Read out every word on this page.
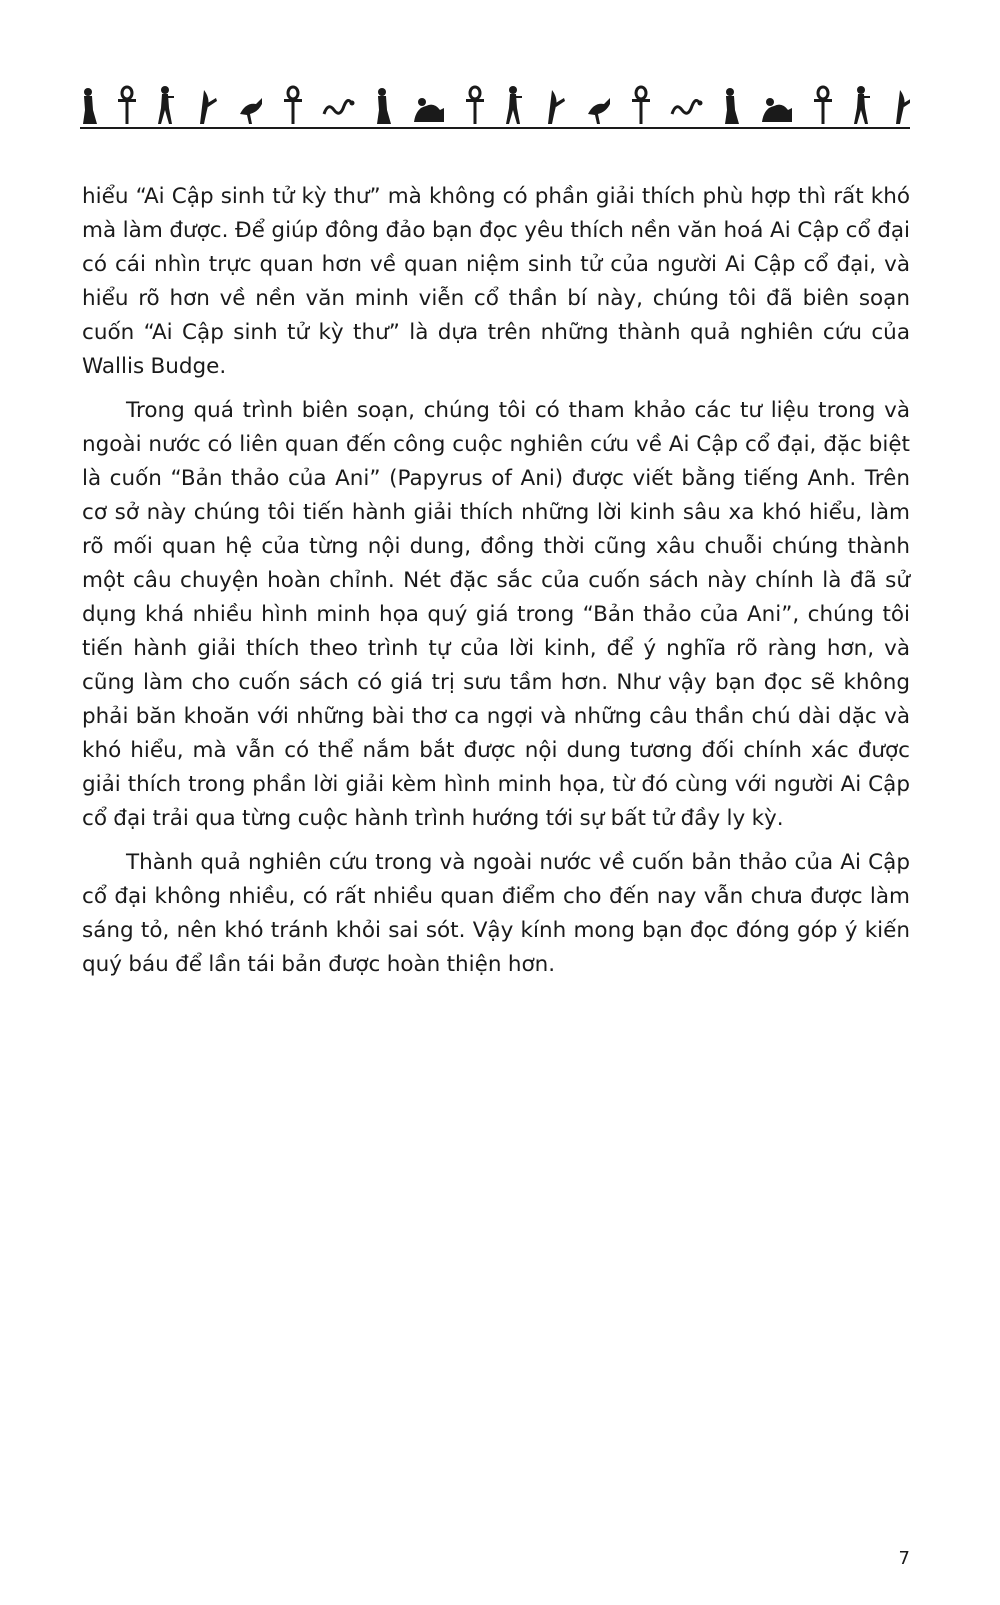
hiểu “Ai Cập sinh tử kỳ thư” mà không có phần giải thích phù hợp thì rất khó mà làm được. Để giúp đông đảo bạn đọc yêu thích nền văn hoá Ai Cập cổ đại có cái nhìn trực quan hơn về quan niệm sinh tử của người Ai Cập cổ đại, và hiểu rõ hơn về nền văn minh viễn cổ thần bí này, chúng tôi đã biên soạn cuốn “Ai Cập sinh tử kỳ thư” là dựa trên những thành quả nghiên cứu của Wallis Budge.

Trong quá trình biên soạn, chúng tôi có tham khảo các tư liệu trong và ngoài nước có liên quan đến công cuộc nghiên cứu về Ai Cập cổ đại, đặc biệt là cuốn “Bản thảo của Ani” (Papyrus of Ani) được viết bằng tiếng Anh. Trên cơ sở này chúng tôi tiến hành giải thích những lời kinh sâu xa khó hiểu, làm rõ mối quan hệ của từng nội dung, đồng thời cũng xâu chuỗi chúng thành một câu chuyện hoàn chỉnh. Nét đặc sắc của cuốn sách này chính là đã sử dụng khá nhiều hình minh họa quý giá trong “Bản thảo của Ani”, chúng tôi tiến hành giải thích theo trình tự của lời kinh, để ý nghĩa rõ ràng hơn, và cũng làm cho cuốn sách có giá trị sưu tầm hơn. Như vậy bạn đọc sẽ không phải băn khoăn với những bài thơ ca ngợi và những câu thần chú dài dặc và khó hiểu, mà vẫn có thể nắm bắt được nội dung tương đối chính xác được giải thích trong phần lời giải kèm hình minh họa, từ đó cùng với người Ai Cập cổ đại trải qua từng cuộc hành trình hướng tới sự bất tử đầy ly kỳ.

Thành quả nghiên cứu trong và ngoài nước về cuốn bản thảo của Ai Cập cổ đại không nhiều, có rất nhiều quan điểm cho đến nay vẫn chưa được làm sáng tỏ, nên khó tránh khỏi sai sót. Vậy kính mong bạn đọc đóng góp ý kiến quý báu để lần tái bản được hoàn thiện hơn.

7
